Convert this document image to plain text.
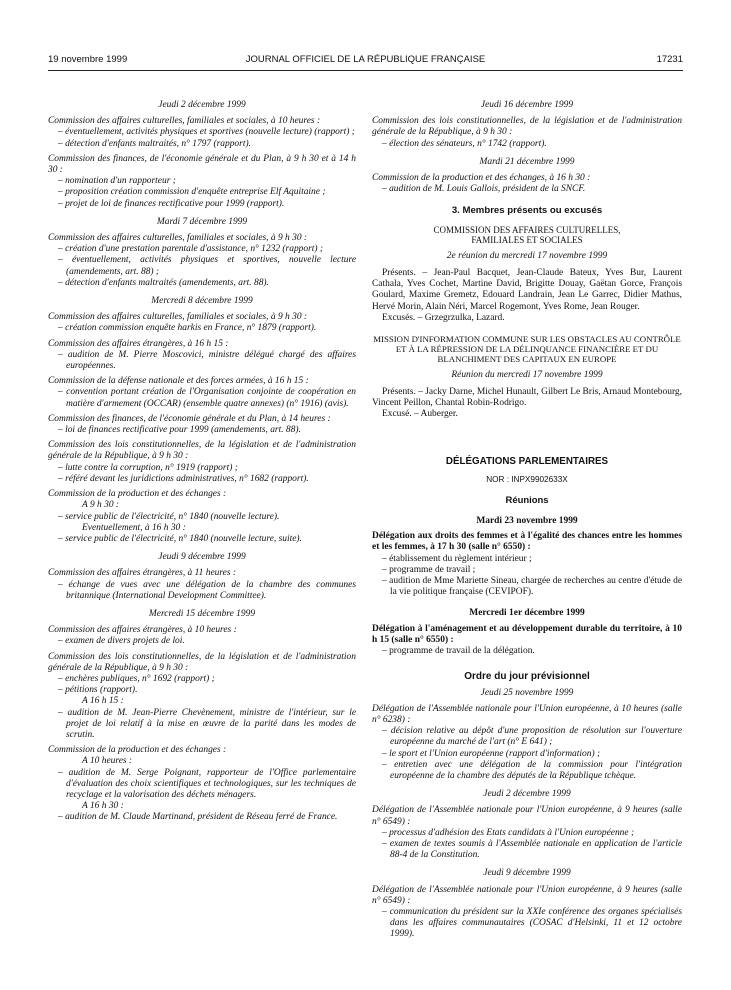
19 novembre 1999	JOURNAL OFFICIEL DE LA RÉPUBLIQUE FRANÇAISE	17231
Jeudi 2 décembre 1999
Commission des affaires culturelles, familiales et sociales, à 10 heures :
– éventuellement, activités physiques et sportives (nouvelle lecture) (rapport) ;
– détection d'enfants maltraités, n° 1797 (rapport).
Commission des finances, de l'économie générale et du Plan, à 9 h 30 et à 14 h 30 :
– nomination d'un rapporteur ;
– proposition création commission d'enquête entreprise Elf Aquitaine ;
– projet de loi de finances rectificative pour 1999 (rapport).
Mardi 7 décembre 1999
Commission des affaires culturelles, familiales et sociales, à 9 h 30 :
– création d'une prestation parentale d'assistance, n° 1232 (rapport) ;
– éventuellement, activités physiques et sportives, nouvelle lecture (amendements, art. 88) ;
– détection d'enfants maltraités (amendements, art. 88).
Mercredi 8 décembre 1999
Commission des affaires culturelles, familiales et sociales, à 9 h 30 :
– création commission enquête harkis en France, n° 1879 (rapport).
Commission des affaires étrangères, à 16 h 15 :
– audition de M. Pierre Moscovici, ministre délégué chargé des affaires européennes.
Commission de la défense nationale et des forces armées, à 16 h 15 :
– convention portant création de l'Organisation conjointe de coopération en matière d'armement (OCCAR) (ensemble quatre annexes) (n° 1916) (avis).
Commission des finances, de l'économie générale et du Plan, à 14 heures :
– loi de finances rectificative pour 1999 (amendements, art. 88).
Commission des lois constitutionnelles, de la législation et de l'administration générale de la République, à 9 h 30 :
– lutte contre la corruption, n° 1919 (rapport) ;
– référé devant les juridictions administratives, n° 1682 (rapport).
Commission de la production et des échanges :
A 9 h 30 :
– service public de l'électricité, n° 1840 (nouvelle lecture).
Eventuellement, à 16 h 30 :
– service public de l'électricité, n° 1840 (nouvelle lecture, suite).
Jeudi 9 décembre 1999
Commission des affaires étrangères, à 11 heures :
– échange de vues avec une délégation de la chambre des communes britannique (International Development Committee).
Mercredi 15 décembre 1999
Commission des affaires étrangères, à 10 heures :
– examen de divers projets de loi.
Commission des lois constitutionnelles, de la législation et de l'administration générale de la République, à 9 h 30 :
– enchères publiques, n° 1692 (rapport) ;
– pétitions (rapport).
A 16 h 15 :
– audition de M. Jean-Pierre Chevènement, ministre de l'intérieur, sur le projet de loi relatif à la mise en œuvre de la parité dans les modes de scrutin.
Commission de la production et des échanges :
A 10 heures :
– audition de M. Serge Poignant, rapporteur de l'Office parlementaire d'évaluation des choix scientifiques et technologiques, sur les techniques de recyclage et la valorisation des déchets ménagers.
A 16 h 30 :
– audition de M. Claude Martinand, président de Réseau ferré de France.
Jeudi 16 décembre 1999
Commission des lois constitutionnelles, de la législation et de l'administration générale de la République, à 9 h 30 :
– élection des sénateurs, n° 1742 (rapport).
Mardi 21 décembre 1999
Commission de la production et des échanges, à 16 h 30 :
– audition de M. Louis Gallois, président de la SNCF.
3. Membres présents ou excusés
COMMISSION DES AFFAIRES CULTURELLES,
FAMILIALES ET SOCIALES
2e réunion du mercredi 17 novembre 1999
Présents. – Jean-Paul Bacquet, Jean-Claude Bateux, Yves Bur, Laurent Cathala, Yves Cochet, Martine David, Brigitte Douay, Gaëtan Gorce, François Goulard, Maxime Gremetz, Edouard Landrain, Jean Le Garrec, Didier Mathus, Hervé Morin, Alain Néri, Marcel Rogemont, Yves Rome, Jean Rouger.
Excusés. – Grzegrzulka, Lazard.
MISSION D'INFORMATION COMMUNE SUR LES OBSTACLES AU CONTRÔLE ET À LA RÉPRESSION DE LA DÉLINQUANCE FINANCIÈRE ET DU BLANCHIMENT DES CAPITAUX EN EUROPE
Réunion du mercredi 17 novembre 1999
Présents. – Jacky Darne, Michel Hunault, Gilbert Le Bris, Arnaud Montebourg, Vincent Peillon, Chantal Robin-Rodrigo.
Excusé. – Auberger.
DÉLÉGATIONS PARLEMENTAIRES
NOR : INPX9902633X
Réunions
Mardi 23 novembre 1999
Délégation aux droits des femmes et à l'égalité des chances entre les hommes et les femmes, à 17 h 30 (salle n° 6550) :
– établissement du règlement intérieur ;
– programme de travail ;
– audition de Mme Mariette Sineau, chargée de recherches au centre d'étude de la vie politique française (CEVIPOF).
Mercredi 1er décembre 1999
Délégation à l'aménagement et au développement durable du territoire, à 10 h 15 (salle n° 6550) :
– programme de travail de la délégation.
Ordre du jour prévisionnel
Jeudi 25 novembre 1999
Délégation de l'Assemblée nationale pour l'Union européenne, à 10 heures (salle n° 6238) :
– décision relative au dépôt d'une proposition de résolution sur l'ouverture européenne du marché de l'art (n° E 641) ;
– le sport et l'Union européenne (rapport d'information) ;
– entretien avec une délégation de la commission pour l'intégration européenne de la chambre des députés de la République tchèque.
Jeudi 2 décembre 1999
Délégation de l'Assemblée nationale pour l'Union européenne, à 9 heures (salle n° 6549) :
– processus d'adhésion des Etats candidats à l'Union européenne ;
– examen de textes soumis à l'Assemblée nationale en application de l'article 88-4 de la Constitution.
Jeudi 9 décembre 1999
Délégation de l'Assemblée nationale pour l'Union européenne, à 9 heures (salle n° 6549) :
– communication du président sur la XXIe conférence des organes spécialisés dans les affaires communautaires (COSAC d'Helsinki, 11 et 12 octobre 1999).
